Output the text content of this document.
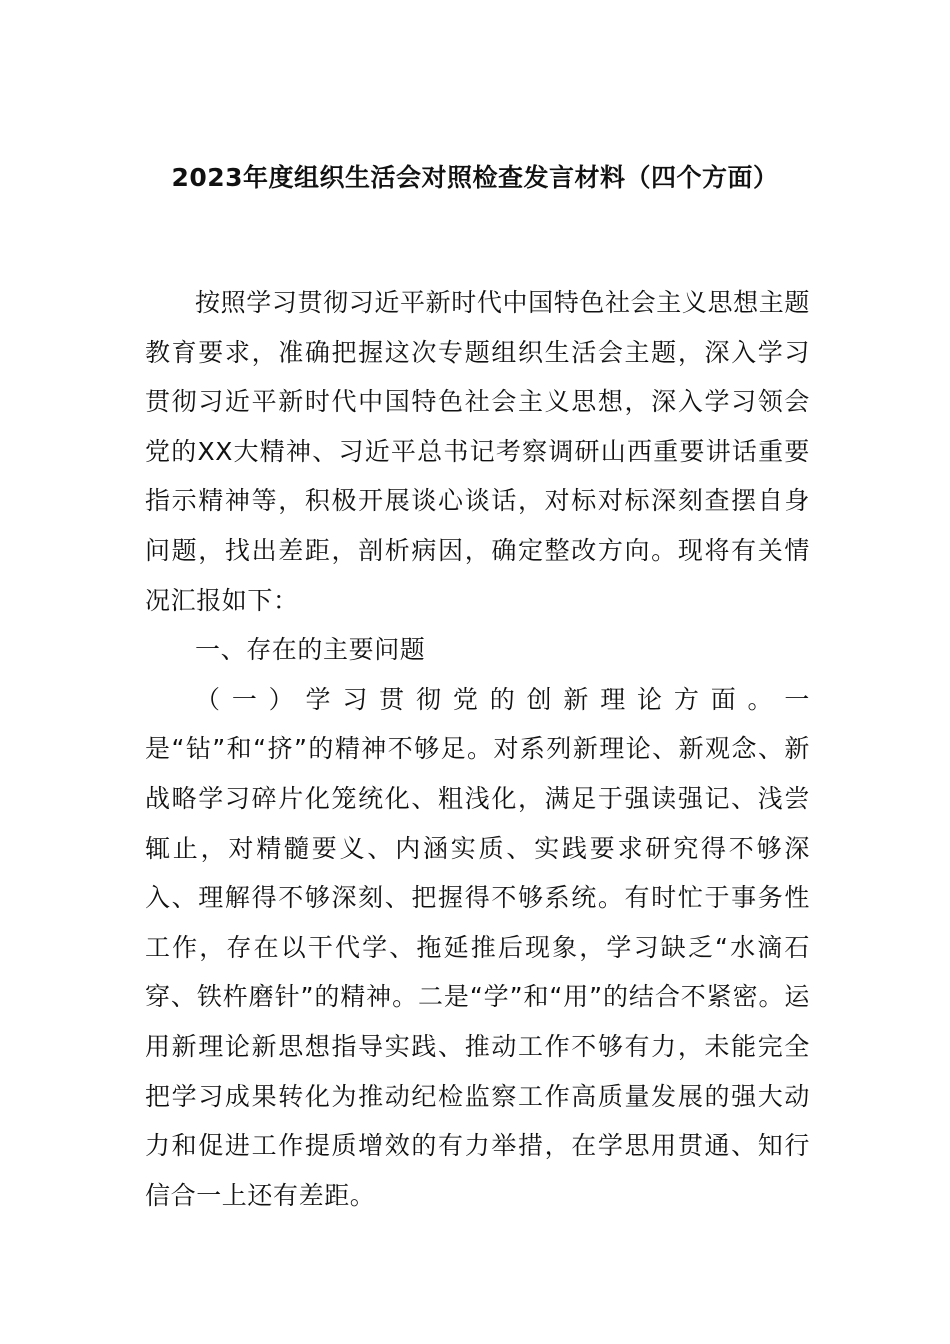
2023年度组织生活会对照检查发言材料（四个方面）

按照学习贯彻习近平新时代中国特色社会主义思想主题教育要求，准确把握这次专题组织生活会主题，深入学习贯彻习近平新时代中国特色社会主义思想，深入学习领会党的XX大精神、习近平总书记考察调研山西重要讲话重要指示精神等，积极开展谈心谈话，对标对标深刻查摆自身问题，找出差距，剖析病因，确定整改方向。现将有关情况汇报如下：

一、存在的主要问题

（一）学习贯彻党的创新理论方面。一是“钻”和“挤”的精神不够足。对系列新理论、新观念、新战略学习碎片化笼统化、粗浅化，满足于强读强记、浅尝辄止，对精髓要义、内涵实质、实践要求研究得不够深入、理解得不够深刻、把握得不够系统。有时忙于事务性工作，存在以干代学、拖延推后现象，学习缺乏“水滴石穿、铁杵磨针”的精神。二是“学”和“用”的结合不紧密。运用新理论新思想指导实践、推动工作不够有力，未能完全把学习成果转化为推动纪检监察工作高质量发展的强大动力和促进工作提质增效的有力举措，在学思用贯通、知行信合一上还有差距。
